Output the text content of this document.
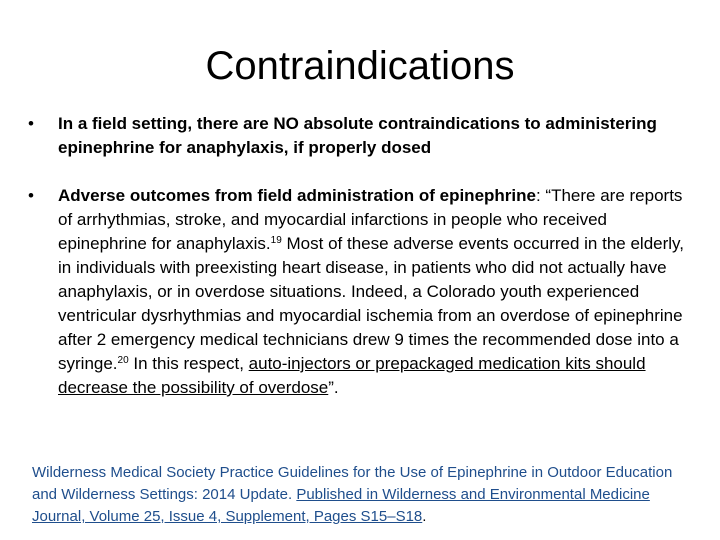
Contraindications
•	In a field setting, there are NO absolute contraindications to administering epinephrine for anaphylaxis, if properly dosed
•	Adverse outcomes from field administration of epinephrine: “There are reports of arrhythmias, stroke, and myocardial infarctions in people who received epinephrine for anaphylaxis.$^{19}$ Most of these adverse events occurred in the elderly, in individuals with preexisting heart disease, in patients who did not actually have anaphylaxis, or in overdose situations. Indeed, a Colorado youth experienced ventricular dysrhythmias and myocardial ischemia from an overdose of epinephrine after 2 emergency medical technicians drew 9 times the recommended dose into a syringe.$^{20}$ In this respect, auto-injectors or prepackaged medication kits should decrease the possibility of overdose”.
Wilderness Medical Society Practice Guidelines for the Use of Epinephrine in Outdoor Education and Wilderness Settings: 2014 Update. Published in Wilderness and Environmental Medicine Journal, Volume 25, Issue 4, Supplement, Pages S15–S18.
